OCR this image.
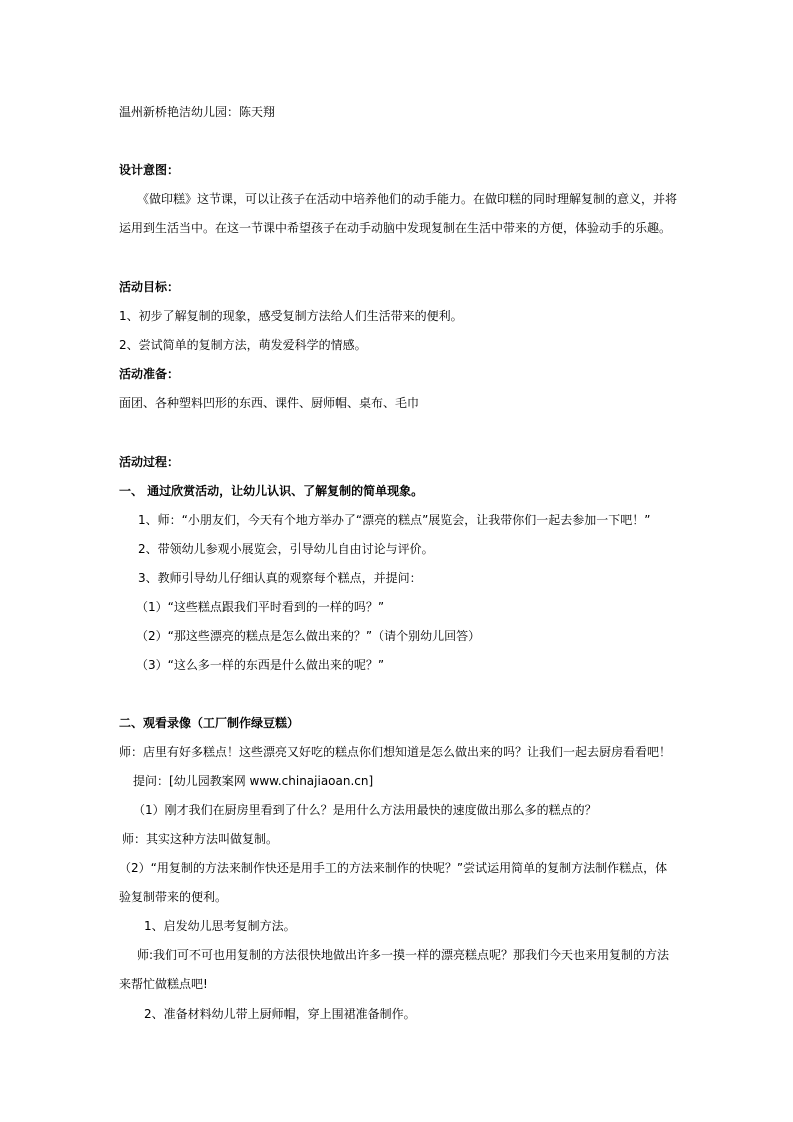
温州新桥艳洁幼儿园：陈天翔
设计意图：
《做印糕》这节课，可以让孩子在活动中培养他们的动手能力。在做印糕的同时理解复制的意义，并将
运用到生活当中。在这一节课中希望孩子在动手动脑中发现复制在生活中带来的方便，体验动手的乐趣。
活动目标：
1、初步了解复制的现象，感受复制方法给人们生活带来的便利。
2、尝试简单的复制方法，萌发爱科学的情感。
活动准备：
面团、各种塑料凹形的东西、课件、厨师帽、桌布、毛巾
活动过程：
一、 通过欣赏活动，让幼儿认识、了解复制的简单现象。
1、师：“小朋友们，今天有个地方举办了“漂亮的糕点”展览会，让我带你们一起去参加一下吧！”
2、带领幼儿参观小展览会，引导幼儿自由讨论与评价。
3、教师引导幼儿仔细认真的观察每个糕点，并提问：
（1）“这些糕点跟我们平时看到的一样的吗？”
（2）“那这些漂亮的糕点是怎么做出来的？”（请个别幼儿回答）
（3）“这么多一样的东西是什么做出来的呢？”
二、观看录像（工厂制作绿豆糕）
师：店里有好多糕点！这些漂亮又好吃的糕点你们想知道是怎么做出来的吗？让我们一起去厨房看看吧！
提问：[幼儿园教案网 www.chinajiaoan.cn]
（1）刚才我们在厨房里看到了什么？是用什么方法用最快的速度做出那么多的糕点的？
师：其实这种方法叫做复制。
（2）“用复制的方法来制作快还是用手工的方法来制作的快呢？”尝试运用简单的复制方法制作糕点，体
验复制带来的便利。
1、启发幼儿思考复制方法。
师:我们可不可也用复制的方法很快地做出许多一摸一样的漂亮糕点呢？那我们今天也来用复制的方法
来帮忙做糕点吧!
2、准备材料幼儿带上厨师帽，穿上围裙准备制作。
